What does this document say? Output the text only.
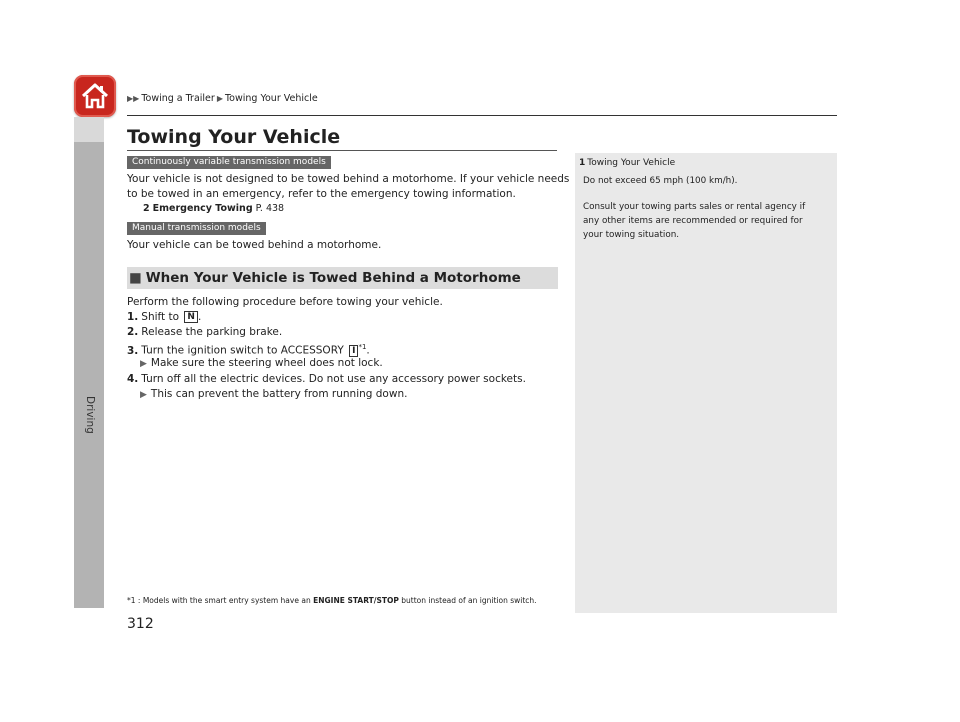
Driving
▶▶ Towing a Trailer ▶ Towing Your Vehicle
Towing Your Vehicle
Continuously variable transmission models
Your vehicle is not designed to be towed behind a motorhome. If your vehicle needs
to be towed in an emergency, refer to the emergency towing information.
2 Emergency Towing P. 438
Manual transmission models
Your vehicle can be towed behind a motorhome.
■ When Your Vehicle is Towed Behind a Motorhome
Perform the following procedure before towing your vehicle.
1. Shift to N .
2. Release the parking brake.
3. Turn the ignition switch to ACCESSORY I $^{*1}$.
▶ Make sure the steering wheel does not lock.
4. Turn off all the electric devices. Do not use any accessory power sockets.
▶ This can prevent the battery from running down.
*1 : Models with the smart entry system have an ENGINE START/STOP button instead of an ignition switch.
1 Towing Your Vehicle
Do not exceed 65 mph (100 km/h).
Consult your towing parts sales or rental agency if any other items are recommended or required for your towing situation.
312
